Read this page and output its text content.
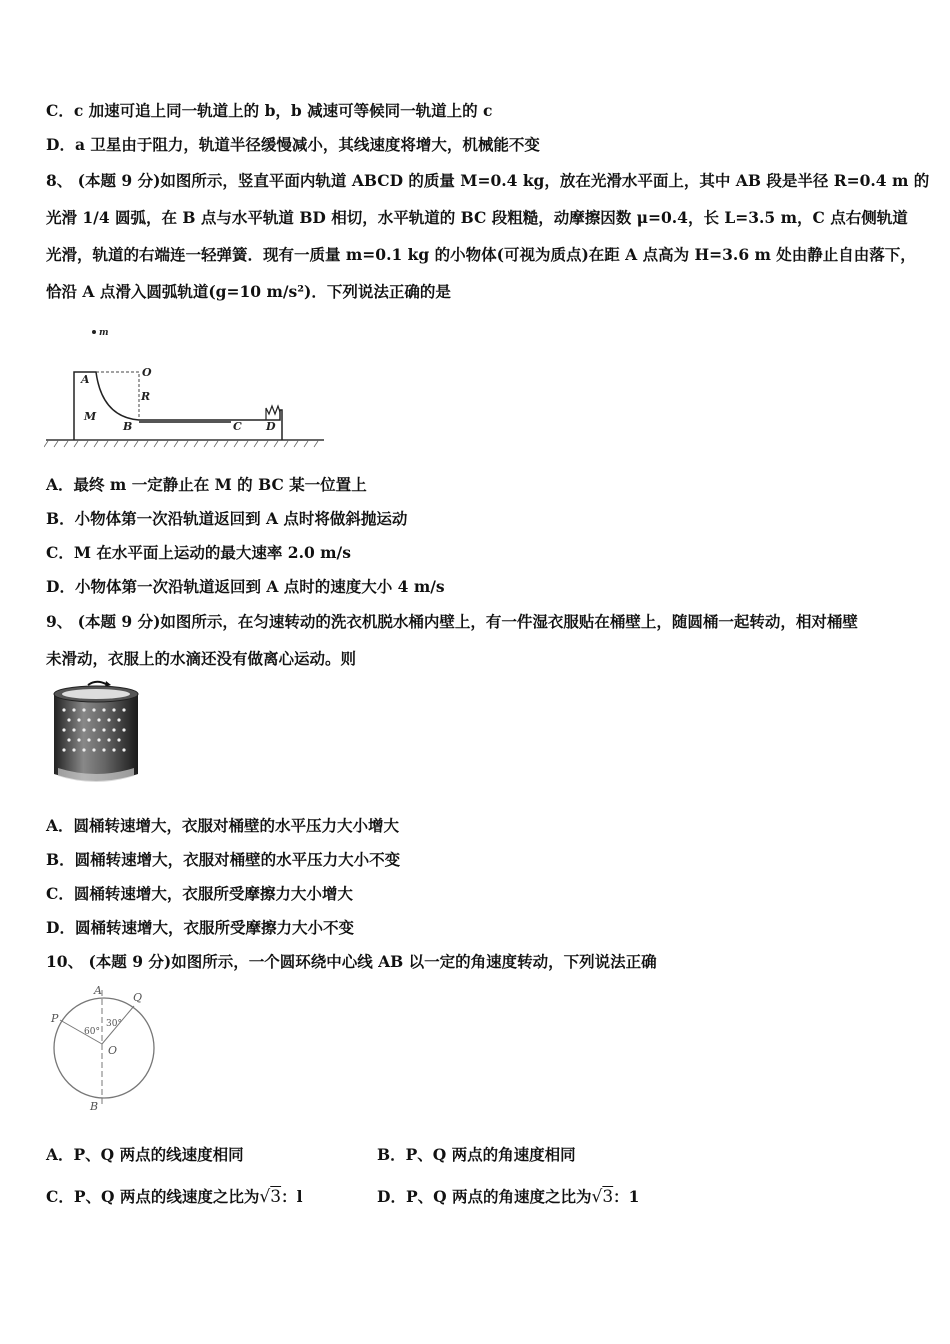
C．c 加速可追上同一轨道上的 b，b 减速可等候同一轨道上的 c
D．a 卫星由于阻力，轨道半径缓慢减小，其线速度将增大，机械能不变
8、 (本题 9 分)如图所示，竖直平面内轨道 ABCD 的质量 M=0.4 kg，放在光滑水平面上，其中 AB 段是半径 R=0.4 m 的
光滑 1/4 圆弧，在 B 点与水平轨道 BD 相切，水平轨道的 BC 段粗糙，动摩擦因数 μ=0.4，长 L=3.5 m，C 点右侧轨道
光滑，轨道的右端连一轻弹簧．现有一质量 m=0.1 kg 的小物体(可视为质点)在距 A 点高为 H=3.6 m 处由静止自由落下，
恰沿 A 点滑入圆弧轨道(g=10 m/s²)．下列说法正确的是
m
A
O
R
M
B	C D
A．最终 m 一定静止在 M 的 BC 某一位置上
B．小物体第一次沿轨道返回到 A 点时将做斜抛运动
C．M 在水平面上运动的最大速率 2.0 m/s
D．小物体第一次沿轨道返回到 A 点时的速度大小 4 m/s
9、 (本题 9 分)如图所示，在匀速转动的洗衣机脱水桶内壁上，有一件湿衣服贴在桶壁上，随圆桶一起转动，相对桶壁
未滑动，衣服上的水滴还没有做离心运动。则
A．圆桶转速增大，衣服对桶壁的水平压力大小增大
B．圆桶转速增大，衣服对桶壁的水平压力大小不变
C．圆桶转速增大，衣服所受摩擦力大小增大
D．圆桶转速增大，衣服所受摩擦力大小不变
10、 (本题 9 分)如图所示，一个圆环绕中心线 AB 以一定的角速度转动，下列说法正确
A
Q
P
O
B
60°
30°
A．P、Q 两点的线速度相同	B．P、Q 两点的角速度相同
C．P、Q 两点的线速度之比为√3：l	D．P、Q 两点的角速度之比为√3：1
